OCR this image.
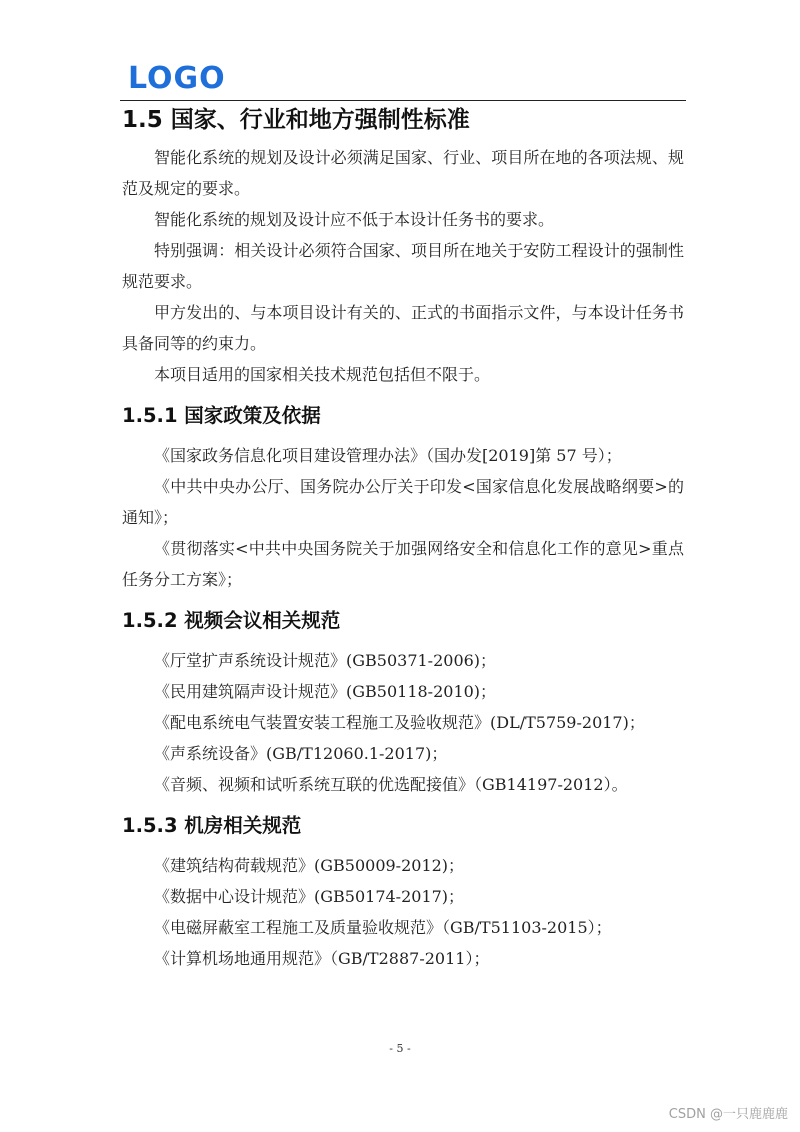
LOGO
1.5 国家、行业和地方强制性标准

智能化系统的规划及设计必须满足国家、行业、项目所在地的各项法规、规范及规定的要求。

智能化系统的规划及设计应不低于本设计任务书的要求。

特别强调：相关设计必须符合国家、项目所在地关于安防工程设计的强制性规范要求。

甲方发出的、与本项目设计有关的、正式的书面指示文件，与本设计任务书具备同等的约束力。

本项目适用的国家相关技术规范包括但不限于。

1.5.1 国家政策及依据

《国家政务信息化项目建设管理办法》（国办发[2019]第 57 号）；

《中共中央办公厅、国务院办公厅关于印发<国家信息化发展战略纲要>的通知》；

《贯彻落实<中共中央国务院关于加强网络安全和信息化工作的意见>重点任务分工方案》；

1.5.2 视频会议相关规范

《厅堂扩声系统设计规范》(GB50371-2006)；

《民用建筑隔声设计规范》(GB50118-2010)；

《配电系统电气装置安装工程施工及验收规范》(DL/T5759-2017)；

《声系统设备》(GB/T12060.1-2017)；

《音频、视频和试听系统互联的优选配接值》（GB14197-2012）。

1.5.3 机房相关规范

《建筑结构荷载规范》(GB50009-2012)；

《数据中心设计规范》(GB50174-2017)；

《电磁屏蔽室工程施工及质量验收规范》（GB/T51103-2015）；

《计算机场地通用规范》（GB/T2887-2011）；

- 5 -
CSDN @一只鹿鹿鹿
